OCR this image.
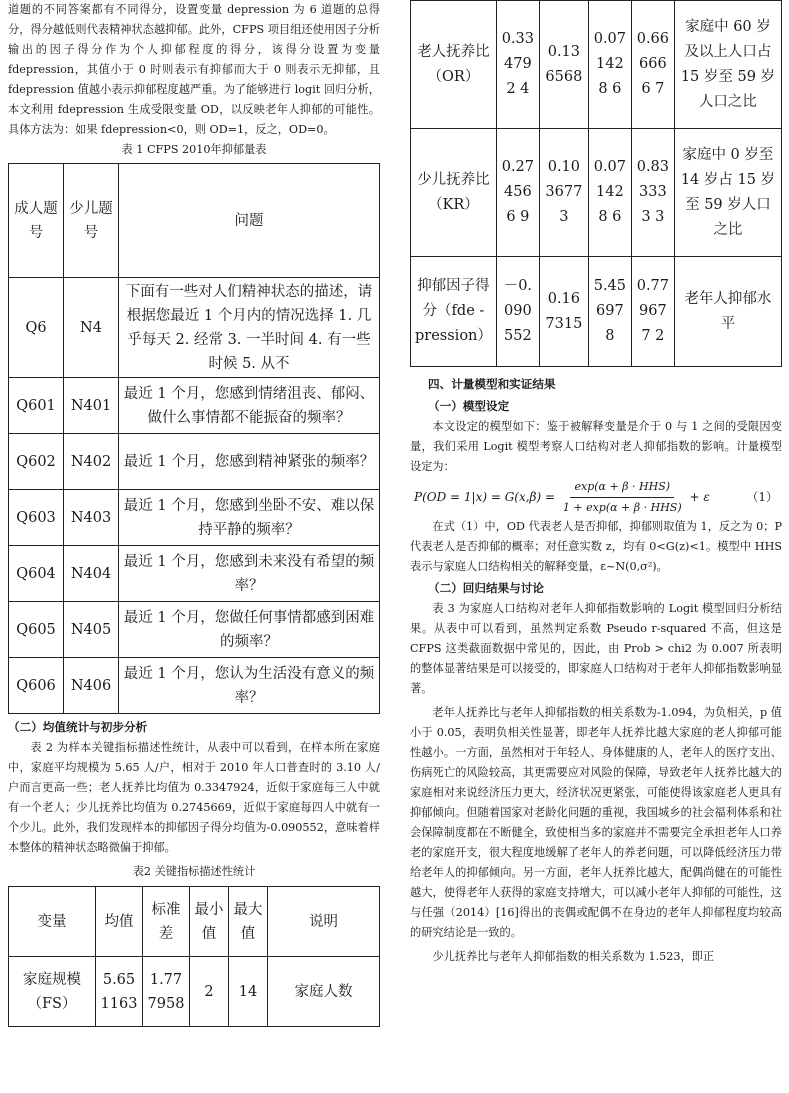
道题的不同答案都有不同得分，设置变量 depression 为 6 道题的总得分，得分越低则代表精神状态越抑郁。此外，CFPS 项目组还使用因子分析输出的因子得分作为个人抑郁程度的得分，该得分设置为变量 fdepression，其值小于 0 时则表示有抑郁而大于 0 则表示无抑郁，且 fdepression 值越小表示抑郁程度越严重。为了能够进行 logit 回归分析，本文利用 fdepression 生成受限变量 OD，以反映老年人抑郁的可能性。具体方法为：如果 fdepression<0，则 OD=1，反之，OD=0。

表 1 CFPS 2010年抑郁量表

成人题号	少儿题号	问题
Q6	N4	下面有一些对人们精神状态的描述，请根据您最近 1 个月内的情况选择 1. 几乎每天 2. 经常 3. 一半时间 4. 有一些时候 5. 从不
Q601	N401	最近 1 个月，您感到情绪沮丧、郁闷、做什么事情都不能振奋的频率？
Q602	N402	最近 1 个月，您感到精神紧张的频率？
Q603	N403	最近 1 个月，您感到坐卧不安、难以保持平静的频率？
Q604	N404	最近 1 个月，您感到未来没有希望的频率？
Q605	N405	最近 1 个月，您做任何事情都感到困难的频率？
Q606	N406	最近 1 个月，您认为生活没有意义的频率？
（二）均值统计与初步分析

表 2 为样本关键指标描述性统计，从表中可以看到，在样本所在家庭中，家庭平均规模为 5.65 人/户，相对于 2010 年人口普查时的 3.10 人/户而言更高一些；老人抚养比均值为 0.3347924，近似于家庭每三人中就有一个老人；少儿抚养比均值为 0.2745669，近似于家庭每四人中就有一个少儿。此外，我们发现样本的抑郁因子得分均值为-0.090552，意味着样本整体的精神状态略微偏于抑郁。

表2 关键指标描述性统计

变量	均值	标准差	最小值	最大值	说明
家庭规模（FS）	5.651163	1.777958	2	14	家庭人数
老人抚养比（OR）	0.334792 4	0.136568	0.071428 6	0.666666 7	家庭中 60 岁及以上人口占 15 岁至 59 岁人口之比
少儿抚养比（KR）	0.274566 9	0.103677 3	0.071428 6	0.833333 3	家庭中 0 岁至 14 岁占 15 岁至 59 岁人口之比
抑郁因子得分（fde - pression）	－0.090552	0.167315	5.456978	0.779677 2	老年人抑郁水平
四、计量模型和实证结果
（一）模型设定

本文设定的模型如下：鉴于被解释变量是介于 0 与 1 之间的受限因变量，我们采用 Logit 模型考察人口结构对老人抑郁指数的影响。计量模型设定为：

$P(OD = 1|x) = G(x,\beta) = \frac{\text{exp(α + β · HHS)}}{\text{1 + exp(α + β · HHS)}} + \varepsilon$	（1）

在式（1）中，OD 代表老人是否抑郁，抑郁则取值为 1，反之为 0；P 代表老人是否抑郁的概率；对任意实数 z，均有 0<G(z)<1。模型中 HHS 表示与家庭人口结构相关的解释变量，ε~N(0,σ²)。

（二）回归结果与讨论

表 3 为家庭人口结构对老年人抑郁指数影响的 Logit 模型回归分析结果。从表中可以看到，虽然判定系数 Pseudo r-squared 不高，但这是 CFPS 这类截面数据中常见的，因此，由 Prob > chi2 为 0.007 所表明的整体显著结果是可以接受的，即家庭人口结构对于老年人抑郁指数影响显著。

老年人抚养比与老年人抑郁指数的相关系数为-1.094，为负相关，p 值小于 0.05，表明负相关性显著，即老年人抚养比越大家庭的老人抑郁可能性越小。一方面，虽然相对于年轻人、身体健康的人，老年人的医疗支出、伤病死亡的风险较高，其更需要应对风险的保障，导致老年人抚养比越大的家庭相对来说经济压力更大，经济状况更紧张，可能使得该家庭老人更具有抑郁倾向。但随着国家对老龄化问题的重视，我国城乡的社会福利体系和社会保障制度都在不断健全，致使相当多的家庭并不需要完全承担老年人口养老的家庭开支，很大程度地缓解了老年人的养老问题，可以降低经济压力带给老年人的抑郁倾向。另一方面，老年人抚养比越大，配偶尚健在的可能性越大，使得老年人获得的家庭支持增大，可以减小老年人抑郁的可能性，这与任强（2014）[16]得出的丧偶或配偶不在身边的老年人抑郁程度均较高的研究结论是一致的。

少儿抚养比与老年人抑郁指数的相关系数为 1.523，即正
